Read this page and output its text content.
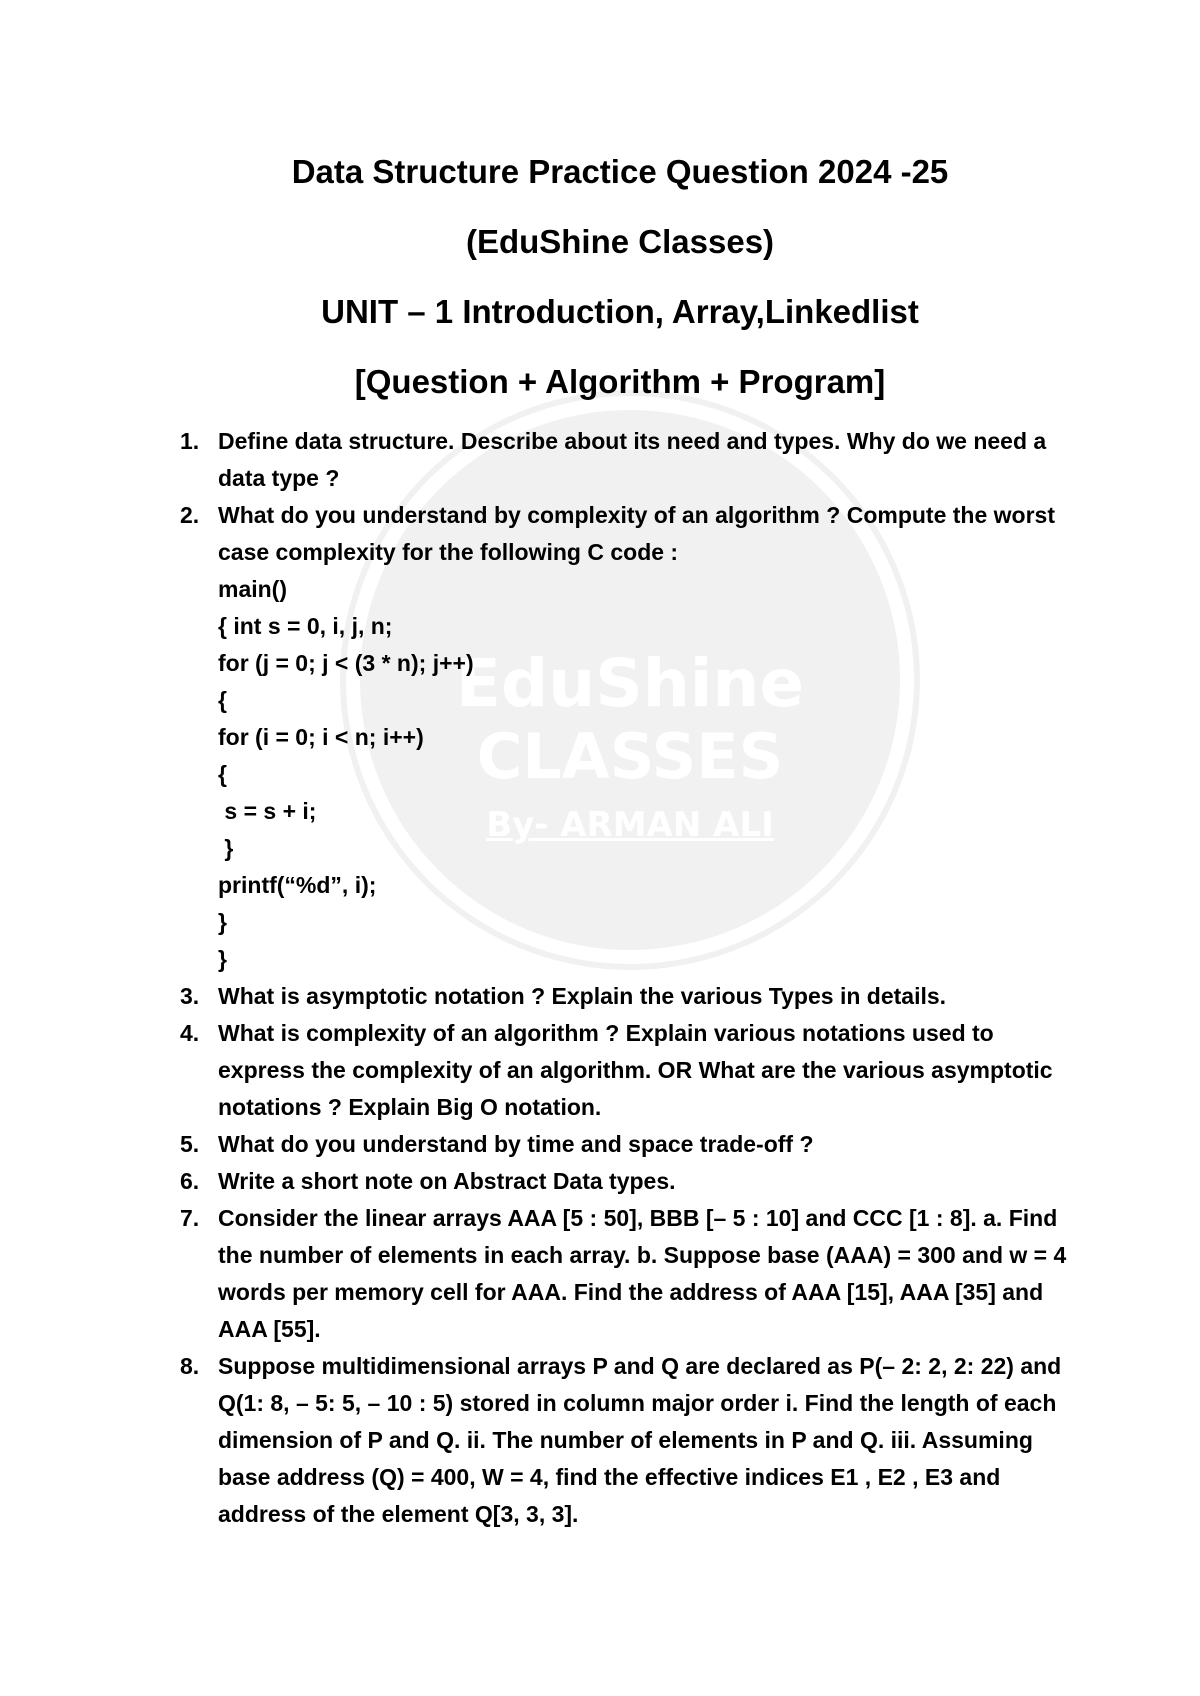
EduShine
CLASSES
By- ARMAN ALI
Data Structure Practice Question 2024 -25
(EduShine Classes)
UNIT – 1 Introduction, Array,Linkedlist
[Question + Algorithm + Program]
1. Define data structure. Describe about its need and types. Why do we need a data type ?
2. What do you understand by complexity of an algorithm ? Compute the worst case complexity for the following C code :
main()
{ int s = 0, i, j, n;
for (j = 0; j < (3 * n); j++)
{
for (i = 0; i < n; i++)
{
s = s + i;
}
printf(“%d”, i);
}
}
3. What is asymptotic notation ? Explain the various Types in details.
4. What is complexity of an algorithm ? Explain various notations used to express the complexity of an algorithm. OR What are the various asymptotic notations ? Explain Big O notation.
5. What do you understand by time and space trade-off ?
6. Write a short note on Abstract Data types.
7. Consider the linear arrays AAA [5 : 50], BBB [– 5 : 10] and CCC [1 : 8]. a. Find the number of elements in each array. b. Suppose base (AAA) = 300 and w = 4 words per memory cell for AAA. Find the address of AAA [15], AAA [35] and AAA [55].
8. Suppose multidimensional arrays P and Q are declared as P(– 2: 2, 2: 22) and Q(1: 8, – 5: 5, – 10 : 5) stored in column major order i. Find the length of each dimension of P and Q. ii. The number of elements in P and Q. iii. Assuming base address (Q) = 400, W = 4, find the effective indices E1 , E2 , E3 and address of the element Q[3, 3, 3].
